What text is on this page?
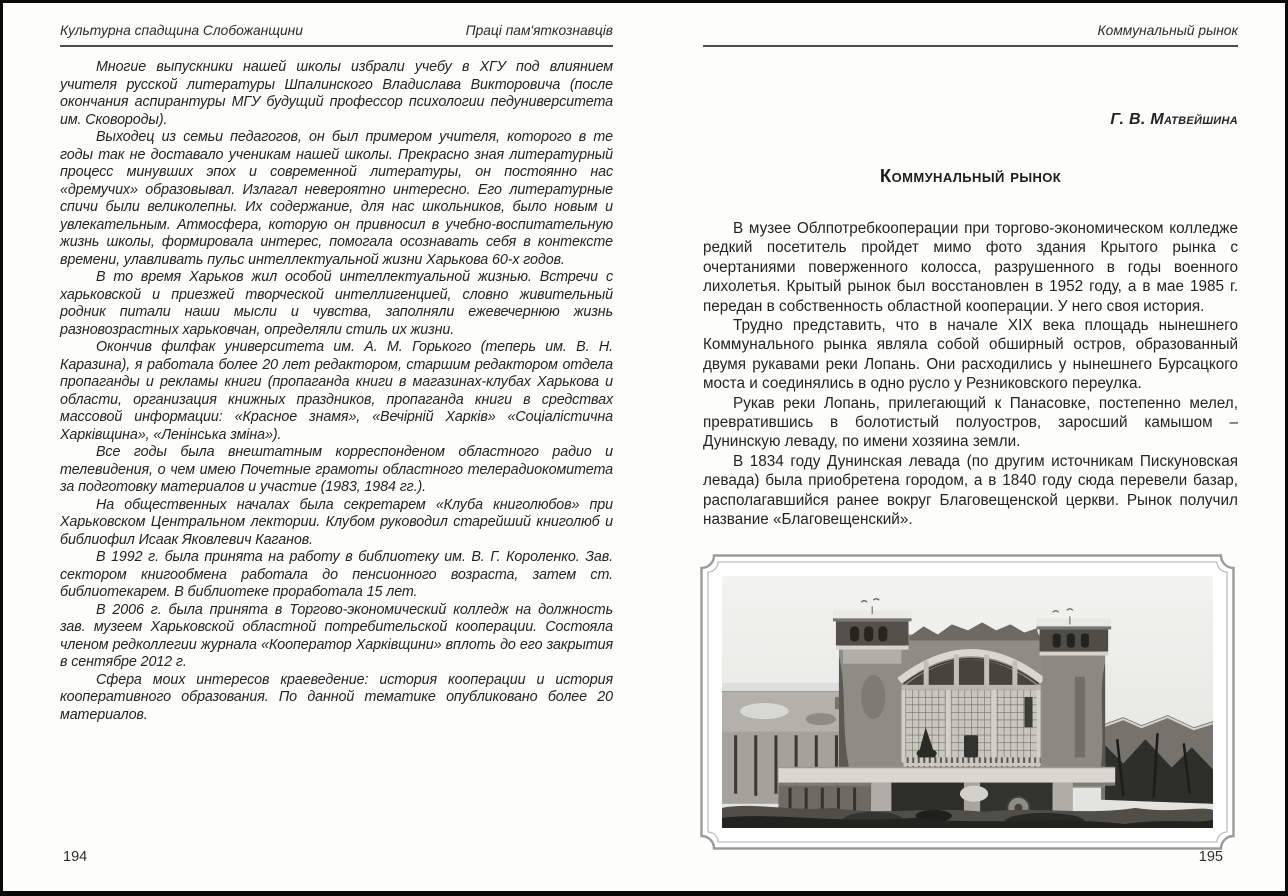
Культурна спадщина Слобожанщини	Праці пам'яткознавців

Многие выпускники нашей школы избрали учебу в ХГУ под влиянием учителя русской литературы Шпалинского Владислава Викторовича (после окончания аспирантуры МГУ будущий профессор психологии педуниверситета им. Сковороды).

Выходец из семьи педагогов, он был примером учителя, которого в те годы так не доставало ученикам нашей школы. Прекрасно зная литературный процесс минувших эпох и современной литературы, он постоянно нас «дремучих» образовывал. Излагал невероятно интересно. Его литературные спичи были великолепны. Их содержание, для нас школьников, было новым и увлекательным. Атмосфера, которую он привносил в учебно-воспитательную жизнь школы, формировала интерес, помогала осознавать себя в контексте времени, улавливать пульс интеллектуальной жизни Харькова 60-х годов.

В то время Харьков жил особой интеллектуальной жизнью. Встречи с харьковской и приезжей творческой интеллигенцией, словно живительный родник питали наши мысли и чувства, заполняли ежевечернюю жизнь разновозрастных харьковчан, определяли стиль их жизни.

Окончив филфак университета им. А. М. Горького (теперь им. В. Н. Каразина), я работала более 20 лет редактором, старшим редактором отдела пропаганды и рекламы книги (пропаганда книги в магазинах-клубах Харькова и области, организация книжных праздников, пропаганда книги в средствах массовой информации: «Красное знамя», «Вечірній Харків» «Соціалістична Харківщина», «Ленінська зміна»).

Все годы была внештатным корреспонденом областного радио и телевидения, о чем имею Почетные грамоты областного телерадиокомитета за подготовку материалов и участие (1983, 1984 гг.).

На общественных началах была секретарем «Клуба книголюбов» при Харьковском Центральном лектории. Клубом руководил старейший книголюб и библиофил Исаак Яковлевич Каганов.

В 1992 г. была принята на работу в библиотеку им. В. Г. Короленко. Зав. сектором книгообмена работала до пенсионного возраста, затем ст. библиотекарем. В библиотеке проработала 15 лет.

В 2006 г. была принята в Торгово-экономический колледж на должность зав. музеем Харьковской областной потребительской кооперации. Состояла членом редколлегии журнала «Кооператор Харківщини» вплоть до его закрытия в сентябре 2012 г.

Сфера моих интересов краеведение: история кооперации и история кооперативного образования. По данной тематике опубликовано более 20 материалов.

Коммунальный рынок
Г. В. Матвейшина
Коммунальный рынок

В музее Облпотребкооперации при торгово-экономическом колледже редкий посетитель пройдет мимо фото здания Крытого рынка с очертаниями поверженного колосса, разрушенного в годы военного лихолетья. Крытый рынок был восстановлен в 1952 году, а в мае 1985 г. передан в собственность областной кооперации. У него своя история.

Трудно представить, что в начале XIX века площадь нынешнего Коммунального рынка являла собой обширный остров, образованный двумя рукавами реки Лопань. Они расходились у нынешнего Бурсацкого моста и соединялись в одно русло у Резниковского переулка.

Рукав реки Лопань, прилегающий к Панасовке, постепенно мелел, превратившись в болотистый полуостров, заросший камышом – Дунинскую леваду, по имени хозяина земли.

В 1834 году Дунинская левада (по другим источникам Пискуновская левада) была приобретена городом, а в 1840 году сюда перевели базар, располагавшийся ранее вокруг Благовещенской церкви. Рынок получил название «Благовещенский».

194	195
